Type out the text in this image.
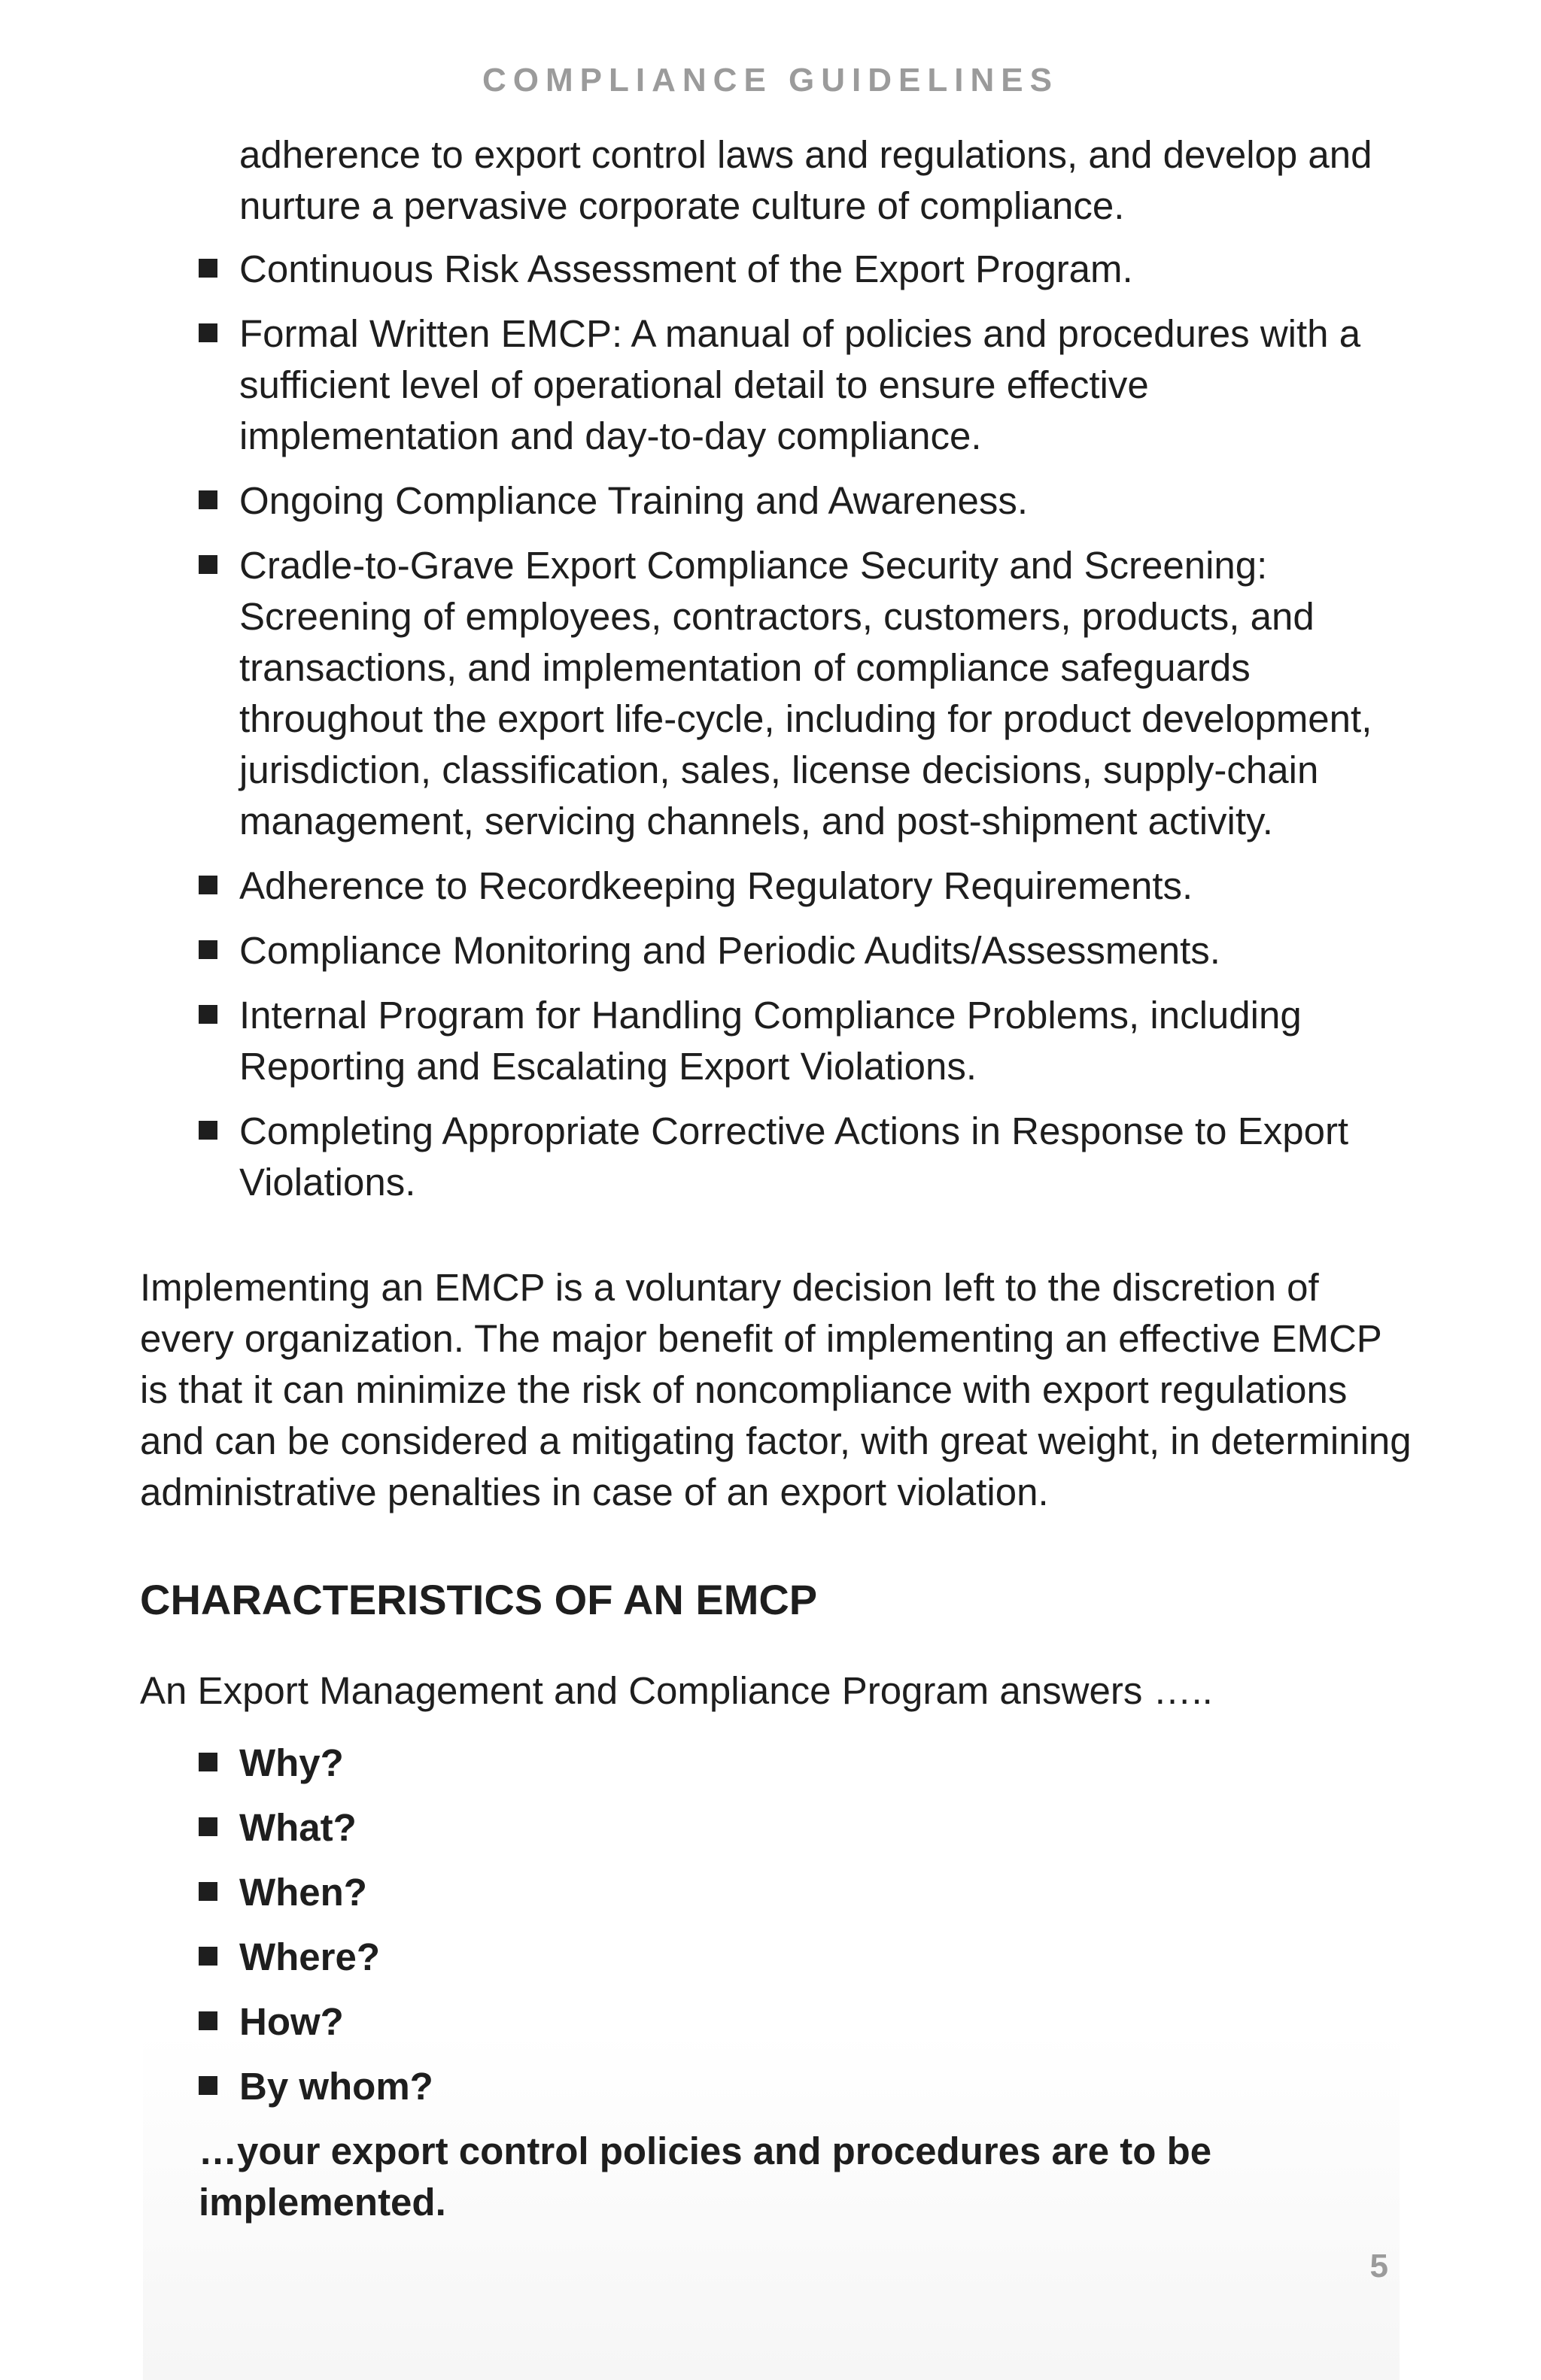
COMPLIANCE GUIDELINES
adherence to export control laws and regulations, and develop and nurture a pervasive corporate culture of compliance.
Continuous Risk Assessment of the Export Program.
Formal Written EMCP: A manual of policies and procedures with a sufficient level of operational detail to ensure effective implementation and day-to-day compliance.
Ongoing Compliance Training and Awareness.
Cradle-to-Grave Export Compliance Security and Screening: Screening of employees, contractors, customers, products, and transactions, and implementation of compliance safeguards throughout the export life-cycle, including for product development, jurisdiction, classification, sales, license decisions, supply-chain management, servicing channels, and post-shipment activity.
Adherence to Recordkeeping Regulatory Requirements.
Compliance Monitoring and Periodic Audits/Assessments.
Internal Program for Handling Compliance Problems, including Reporting and Escalating Export Violations.
Completing Appropriate Corrective Actions in Response to Export Violations.

Implementing an EMCP is a voluntary decision left to the discretion of every organization. The major benefit of implementing an effective EMCP is that it can minimize the risk of noncompliance with export regulations and can be considered a mitigating factor, with great weight, in determining administrative penalties in case of an export violation.

CHARACTERISTICS OF AN EMCP

An Export Management and Compliance Program answers …..

Why?
What?
When?
Where?
How?
By whom?

…your export control policies and procedures are to be implemented.

5
